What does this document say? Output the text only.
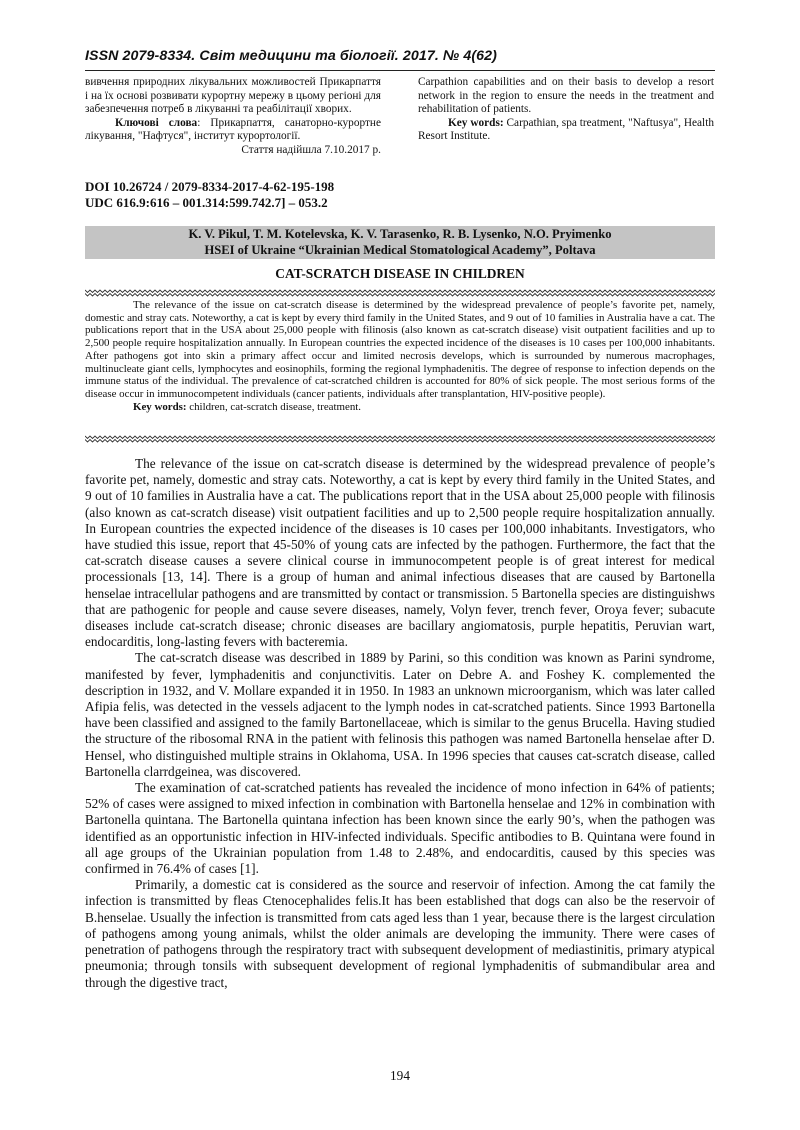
ISSN 2079-8334. Світ медицини та біології. 2017. № 4(62)

вивчення природних лікувальних можливостей Прикарпаття і на їх основі розвивати курортну мережу в цьому регіоні для забезпечення потреб в лікуванні та реабілітації хворих.

Ключові слова: Прикарпаття, санаторно-курортне лікування, "Нафтуся", інститут курортології.

Стаття надійшла 7.10.2017 р.

Carpathion capabilities and on their basis to develop a resort network in the region to ensure the needs in the treatment and rehabilitation of patients.

Key words: Carpathian, spa treatment, "Naftusya", Health Resort Institute.

DOI 10.26724 / 2079-8334-2017-4-62-195-198
UDC 616.9:616 – 001.314:599.742.7] – 053.2
K. V. Pikul, T. M. Kotelevska, K. V. Tarasenko, R. B. Lysenko, N.O. Pryimenko
HSEI of Ukraine “Ukrainian Medical Stomatological Academy”, Poltava
CAT-SCRATCH DISEASE IN CHILDREN

The relevance of the issue on cat-scratch disease is determined by the widespread prevalence of people’s favorite pet, namely, domestic and stray cats. Noteworthy, a cat is kept by every third family in the United States, and 9 out of 10 families in Australia have a cat. The publications report that in the USA about 25,000 people with filinosis (also known as cat-scratch disease) visit outpatient facilities and up to 2,500 people require hospitalization annually. In European countries the expected incidence of the diseases is 10 cases per 100,000 inhabitants. After pathogens got into skin a primary affect occur and limited necrosis develops, which is surrounded by numerous macrophages, multinucleate giant cells, lymphocytes and eosinophils, forming the regional lymphadenitis. The degree of response to infection depends on the immune status of the individual. The prevalence of cat-scratched children is accounted for 80% of sick people. The most serious forms of the disease occur in immunocompetent individuals (cancer patients, individuals after transplantation, HIV-positive people).

Key words: children, cat-scratch disease, treatment.

The relevance of the issue on cat-scratch disease is determined by the widespread prevalence of people’s favorite pet, namely, domestic and stray cats. Noteworthy, a cat is kept by every third family in the United States, and 9 out of 10 families in Australia have a cat. The publications report that in the USA about 25,000 people with filinosis (also known as cat-scratch disease) visit outpatient facilities and up to 2,500 people require hospitalization annually. In European countries the expected incidence of the diseases is 10 cases per 100,000 inhabitants. Investigators, who have studied this issue, report that 45-50% of young cats are infected by the pathogen. Furthermore, the fact that the cat-scratch disease causes a severe clinical course in immunocompetent people is of great interest for medical processionals [13, 14]. There is a group of human and animal infectious diseases that are caused by Bartonella henselae intracellular pathogens and are transmitted by contact or transmission. 5 Bartonella species are distinguishws that are pathogenic for people and cause severe diseases, namely, Volyn fever, trench fever, Oroya fever; subacute diseases include cat-scratch disease; chronic diseases are bacillary angiomatosis, purple hepatitis, Peruvian wart, endocarditis, long-lasting fevers with bacteremia.

The cat-scratch disease was described in 1889 by Parini, so this condition was known as Parini syndrome, manifested by fever, lymphadenitis and conjunctivitis. Later on Debre A. and Foshey K. complemented the description in 1932, and V. Mollare expanded it in 1950. In 1983 an unknown microorganism, which was later called Afipia felis, was detected in the vessels adjacent to the lymph nodes in cat-scratched patients. Since 1993 Bartonella have been classified and assigned to the family Bartonellaceae, which is similar to the genus Brucella. Having studied the structure of the ribosomal RNA in the patient with felinosis this pathogen was named Bartonella henselae after D. Hensel, who distinguished multiple strains in Oklahoma, USA. In 1996 species that causes cat-scratch disease, called Bartonella clarrdgeinea, was discovered.

The examination of cat-scratched patients has revealed the incidence of mono infection in 64% of patients; 52% of cases were assigned to mixed infection in combination with Bartonella henselae and 12% in combination with Bartonella quintana. The Bartonella quintana infection has been known since the early 90’s, when the pathogen was identified as an opportunistic infection in HIV-infected individuals. Specific antibodies to B. Quintana were found in all age groups of the Ukrainian population from 1.48 to 2.48%, and endocarditis, caused by this species was confirmed in 76.4% of cases [1].

Primarily, a domestic cat is considered as the source and reservoir of infection. Among the cat family the infection is transmitted by fleas Ctenocephalides felis.It has been established that dogs can also be the reservoir of B.henselae. Usually the infection is transmitted from cats aged less than 1 year, because there is the largest circulation of pathogens among young animals, whilst the older animals are developing the immunity. There were cases of penetration of pathogens through the respiratory tract with subsequent development of mediastinitis, primary atypical pneumonia; through tonsils with subsequent development of regional lymphadenitis of submandibular area and through the digestive tract,

194
